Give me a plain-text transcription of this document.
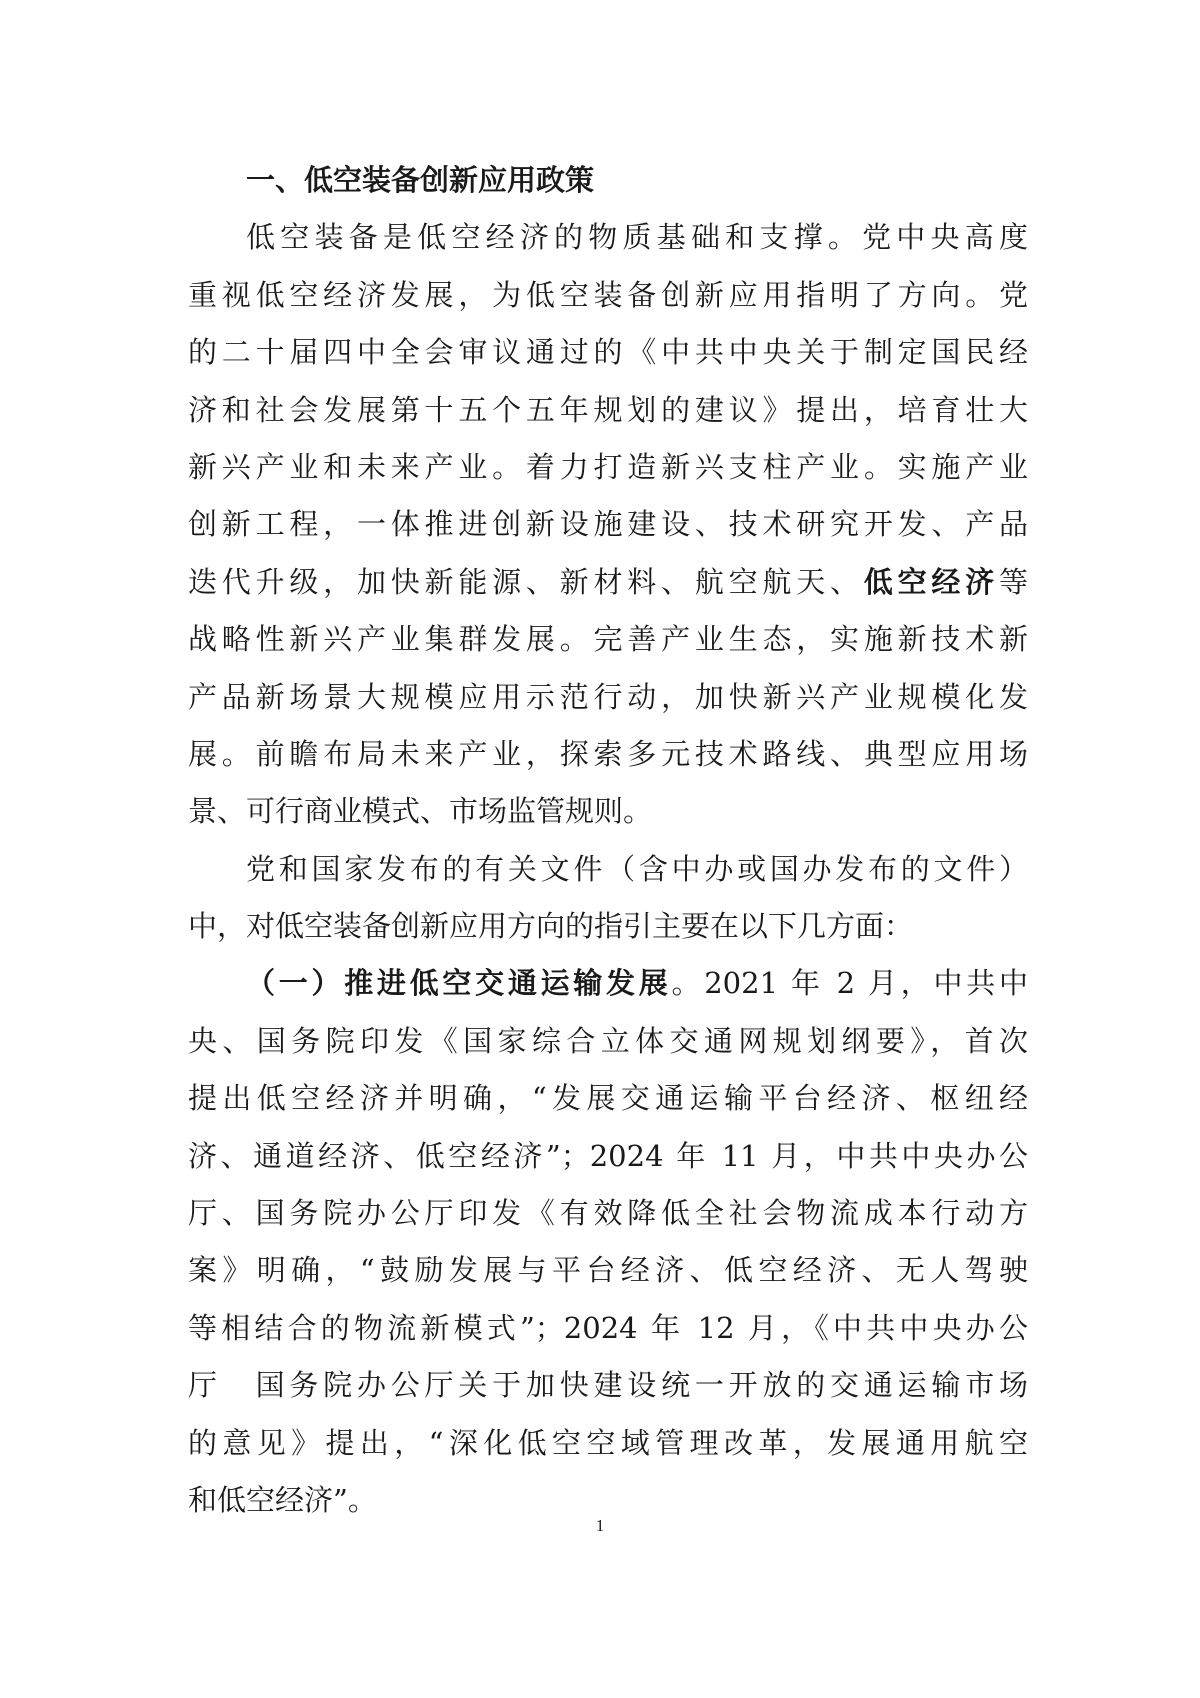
一、低空装备创新应用政策
低空装备是低空经济的物质基础和支撑。党中央高度
重视低空经济发展，为低空装备创新应用指明了方向。党
的二十届四中全会审议通过的《中共中央关于制定国民经
济和社会发展第十五个五年规划的建议》提出，培育壮大
新兴产业和未来产业。着力打造新兴支柱产业。实施产业
创新工程，一体推进创新设施建设、技术研究开发、产品
迭代升级，加快新能源、新材料、航空航天、低空经济等
战略性新兴产业集群发展。完善产业生态，实施新技术新
产品新场景大规模应用示范行动，加快新兴产业规模化发
展。前瞻布局未来产业，探索多元技术路线、典型应用场
景、可行商业模式、市场监管规则。
党和国家发布的有关文件（含中办或国办发布的文件）
中，对低空装备创新应用方向的指引主要在以下几方面：
（一）推进低空交通运输发展。2021 年 2 月，中共中
央、国务院印发《国家综合立体交通网规划纲要》，首次
提出低空经济并明确，“发展交通运输平台经济、枢纽经
济、通道经济、低空经济”；2024 年 11 月，中共中央办公
厅、国务院办公厅印发《有效降低全社会物流成本行动方
案》明确，“鼓励发展与平台经济、低空经济、无人驾驶
等相结合的物流新模式”；2024 年 12 月，《中共中央办公
厅　国务院办公厅关于加快建设统一开放的交通运输市场
的意见》提出，“深化低空空域管理改革，发展通用航空
和低空经济”。
1
